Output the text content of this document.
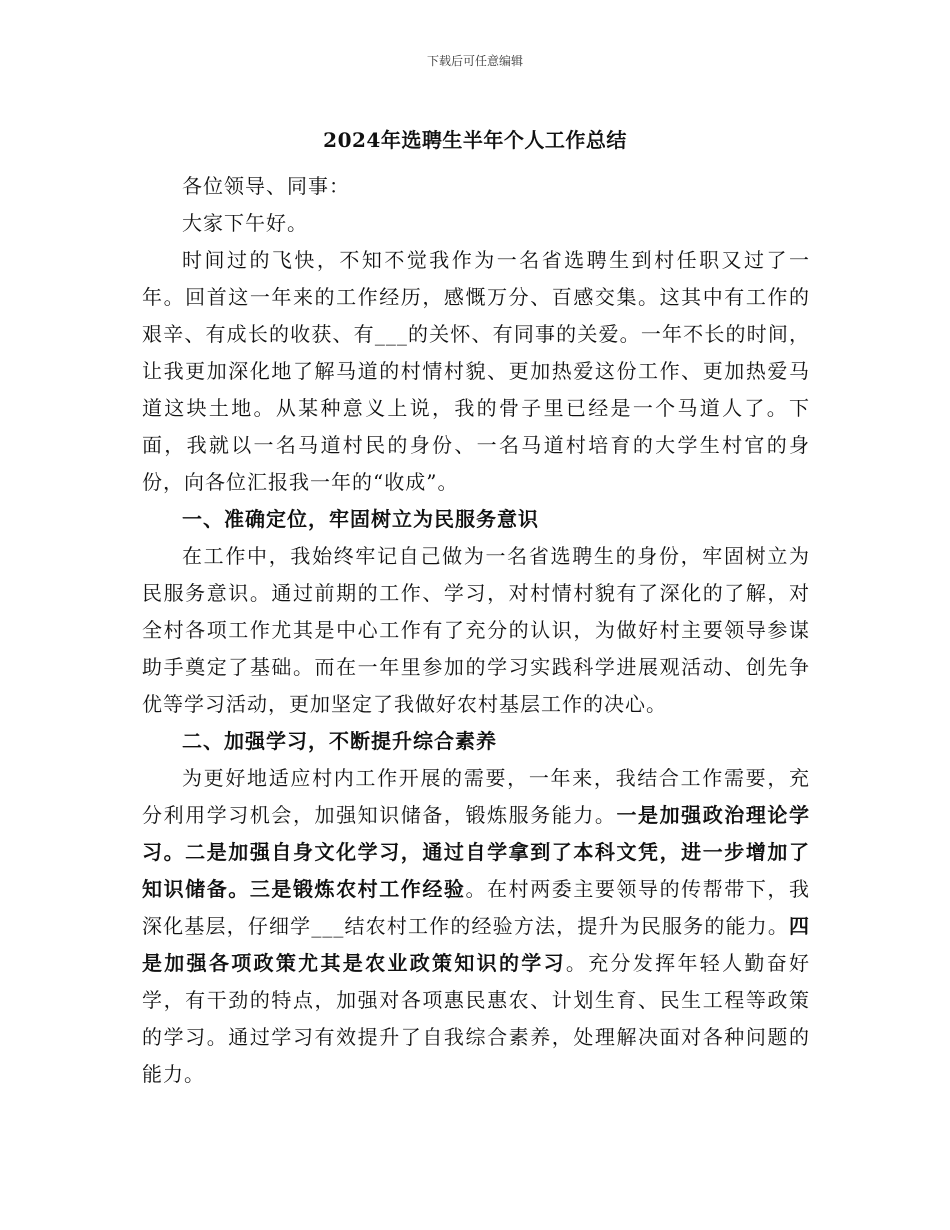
下载后可任意编辑
2024年选聘生半年个人工作总结

各位领导、同事：

大家下午好。

时间过的飞快，不知不觉我作为一名省选聘生到村任职又过了一年。回首这一年来的工作经历，感慨万分、百感交集。这其中有工作的艰辛、有成长的收获、有___的关怀、有同事的关爱。一年不长的时间，让我更加深化地了解马道的村情村貌、更加热爱这份工作、更加热爱马道这块土地。从某种意义上说，我的骨子里已经是一个马道人了。下面，我就以一名马道村民的身份、一名马道村培育的大学生村官的身份，向各位汇报我一年的“收成”。

一、准确定位，牢固树立为民服务意识

在工作中，我始终牢记自己做为一名省选聘生的身份，牢固树立为民服务意识。通过前期的工作、学习，对村情村貌有了深化的了解，对全村各项工作尤其是中心工作有了充分的认识，为做好村主要领导参谋助手奠定了基础。而在一年里参加的学习实践科学进展观活动、创先争优等学习活动，更加坚定了我做好农村基层工作的决心。

二、加强学习，不断提升综合素养

为更好地适应村内工作开展的需要，一年来，我结合工作需要，充分利用学习机会，加强知识储备，锻炼服务能力。一是加强政治理论学习。二是加强自身文化学习，通过自学拿到了本科文凭，进一步增加了知识储备。三是锻炼农村工作经验。在村两委主要领导的传帮带下，我深化基层，仔细学___结农村工作的经验方法，提升为民服务的能力。四是加强各项政策尤其是农业政策知识的学习。充分发挥年轻人勤奋好学，有干劲的特点，加强对各项惠民惠农、计划生育、民生工程等政策的学习。通过学习有效提升了自我综合素养，处理解决面对各种问题的能力。
